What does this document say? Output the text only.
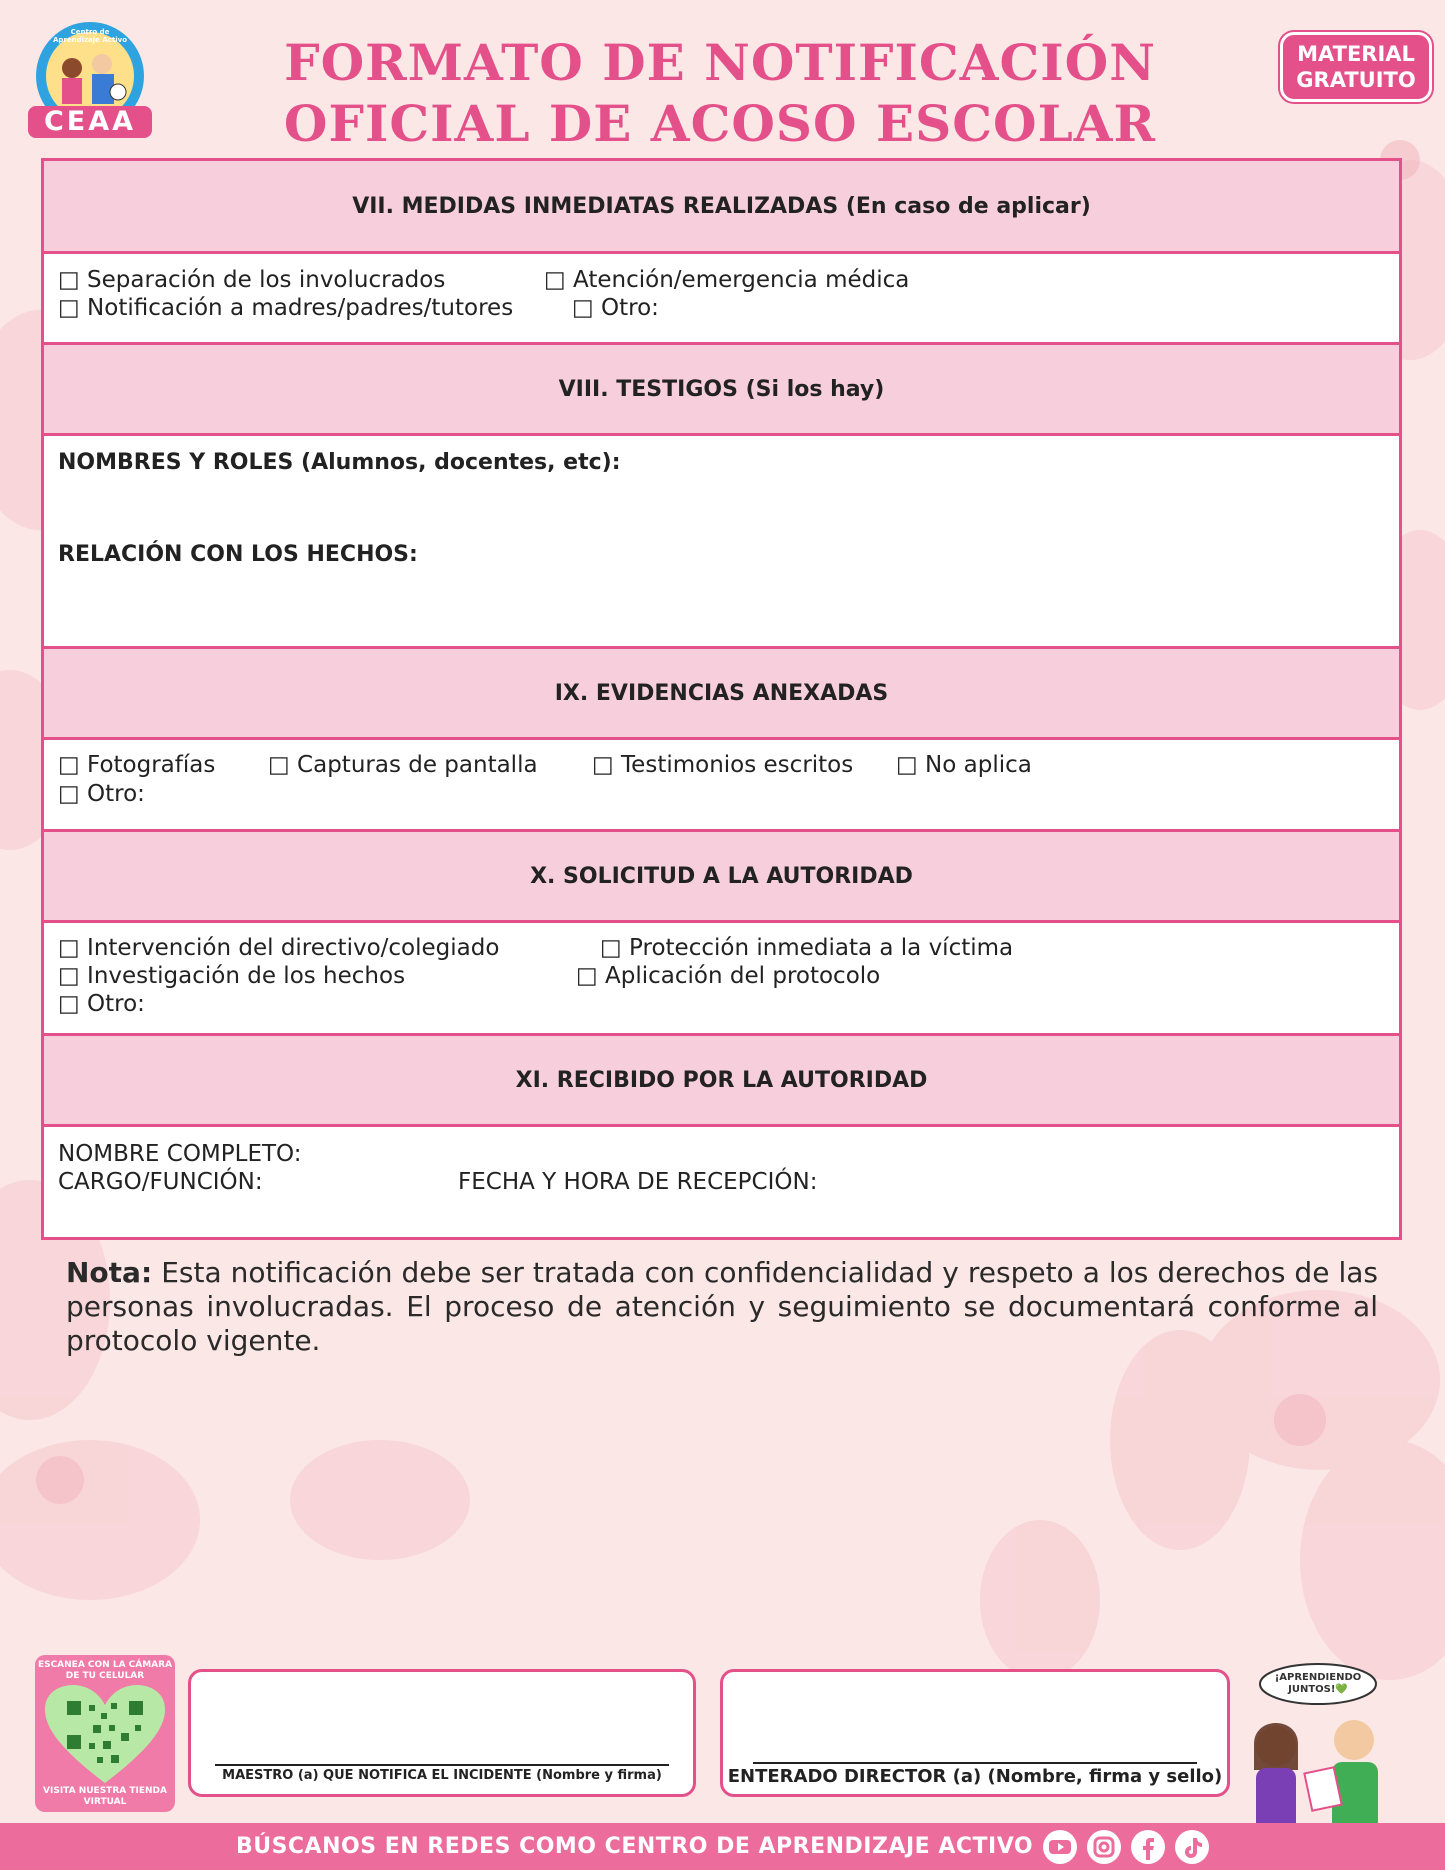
Centro de Aprendizaje Activo
CEAA
FORMATO DE NOTIFICACIÓN
OFICIAL DE ACOSO ESCOLAR
MATERIAL
GRATUITO
VII. MEDIDAS INMEDIATAS REALIZADAS (En caso de aplicar)
□ Separación de los involucrados	□ Atención/emergencia médica
□ Notificación a madres/padres/tutores	□ Otro:
VIII. TESTIGOS (Si los hay)
NOMBRES Y ROLES (Alumnos, docentes, etc):
RELACIÓN CON LOS HECHOS:
IX. EVIDENCIAS ANEXADAS
□ Fotografías □ Capturas de pantalla □ Testimonios escritos □ No aplica
□ Otro:
X. SOLICITUD A LA AUTORIDAD
□ Intervención del directivo/colegiado	□ Protección inmediata a la víctima
□ Investigación de los hechos	□ Aplicación del protocolo
□ Otro:
XI. RECIBIDO POR LA AUTORIDAD
NOMBRE COMPLETO:
CARGO/FUNCIÓN:	FECHA Y HORA DE RECEPCIÓN:
Nota: Esta notificación debe ser tratada con confidencialidad y respeto a los derechos de las personas involucradas. El proceso de atención y seguimiento se documentará conforme al protocolo vigente.
ESCANEA CON LA CÁMARA DE TU CELULAR
VISITA NUESTRA TIENDA VIRTUAL
MAESTRO (a) QUE NOTIFICA EL INCIDENTE (Nombre y firma)	ENTERADO DIRECTOR (a) (Nombre, firma y sello)
¡APRENDIENDO JUNTOS!💚
BÚSCANOS EN REDES COMO CENTRO DE APRENDIZAJE ACTIVO
